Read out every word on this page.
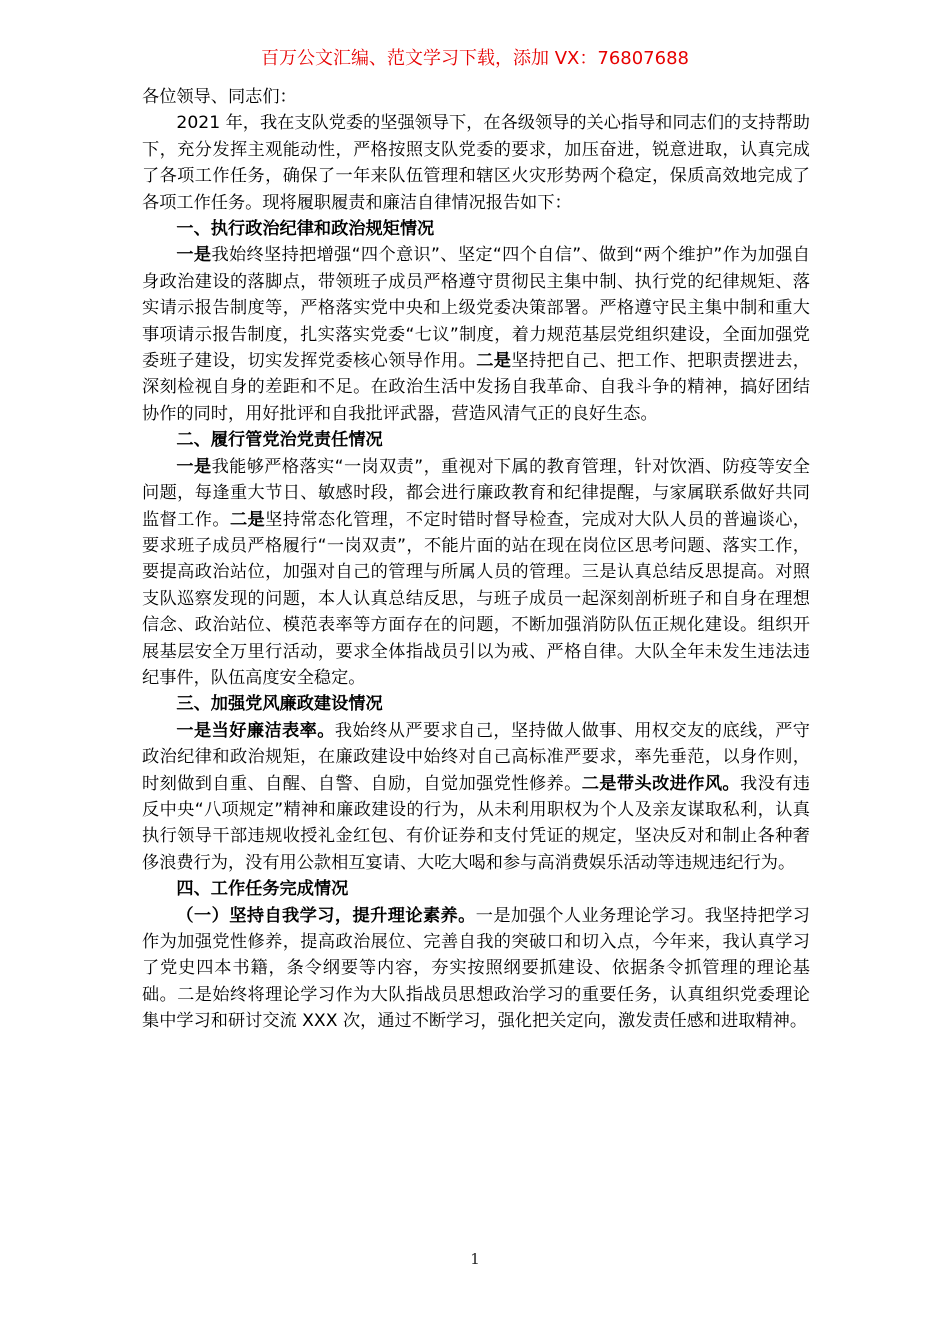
百万公文汇编、范文学习下载，添加 VX：76807688

各位领导、同志们：

2021 年，我在支队党委的坚强领导下，在各级领导的关心指导和同志们的支持帮助下，充分发挥主观能动性，严格按照支队党委的要求，加压奋进，锐意进取，认真完成了各项工作任务，确保了一年来队伍管理和辖区火灾形势两个稳定，保质高效地完成了各项工作任务。现将履职履责和廉洁自律情况报告如下：

一、执行政治纪律和政治规矩情况

一是我始终坚持把增强“四个意识”、坚定“四个自信”、做到“两个维护”作为加强自身政治建设的落脚点，带领班子成员严格遵守贯彻民主集中制、执行党的纪律规矩、落实请示报告制度等，严格落实党中央和上级党委决策部署。严格遵守民主集中制和重大事项请示报告制度，扎实落实党委“七议”制度，着力规范基层党组织建设，全面加强党委班子建设，切实发挥党委核心领导作用。二是坚持把自己、把工作、把职责摆进去，深刻检视自身的差距和不足。在政治生活中发扬自我革命、自我斗争的精神，搞好团结协作的同时，用好批评和自我批评武器，营造风清气正的良好生态。

二、履行管党治党责任情况

一是我能够严格落实“一岗双责”，重视对下属的教育管理，针对饮酒、防疫等安全问题，每逢重大节日、敏感时段，都会进行廉政教育和纪律提醒，与家属联系做好共同监督工作。二是坚持常态化管理，不定时错时督导检查，完成对大队人员的普遍谈心，要求班子成员严格履行“一岗双责”，不能片面的站在现在岗位区思考问题、落实工作，要提高政治站位，加强对自己的管理与所属人员的管理。三是认真总结反思提高。对照支队巡察发现的问题，本人认真总结反思，与班子成员一起深刻剖析班子和自身在理想信念、政治站位、模范表率等方面存在的问题，不断加强消防队伍正规化建设。组织开展基层安全万里行活动，要求全体指战员引以为戒、严格自律。大队全年未发生违法违纪事件，队伍高度安全稳定。

三、加强党风廉政建设情况

一是当好廉洁表率。我始终从严要求自己，坚持做人做事、用权交友的底线，严守政治纪律和政治规矩，在廉政建设中始终对自己高标准严要求，率先垂范，以身作则，时刻做到自重、自醒、自警、自励，自觉加强党性修养。二是带头改进作风。我没有违反中央“八项规定”精神和廉政建设的行为，从未利用职权为个人及亲友谋取私利，认真执行领导干部违规收授礼金红包、有价证券和支付凭证的规定，坚决反对和制止各种奢侈浪费行为，没有用公款相互宴请、大吃大喝和参与高消费娱乐活动等违规违纪行为。

四、工作任务完成情况

（一）坚持自我学习，提升理论素养。一是加强个人业务理论学习。我坚持把学习作为加强党性修养，提高政治展位、完善自我的突破口和切入点，今年来，我认真学习了党史四本书籍，条令纲要等内容，夯实按照纲要抓建设、依据条令抓管理的理论基础。二是始终将理论学习作为大队指战员思想政治学习的重要任务，认真组织党委理论集中学习和研讨交流 XXX 次，通过不断学习，强化把关定向，激发责任感和进取精神。

1
